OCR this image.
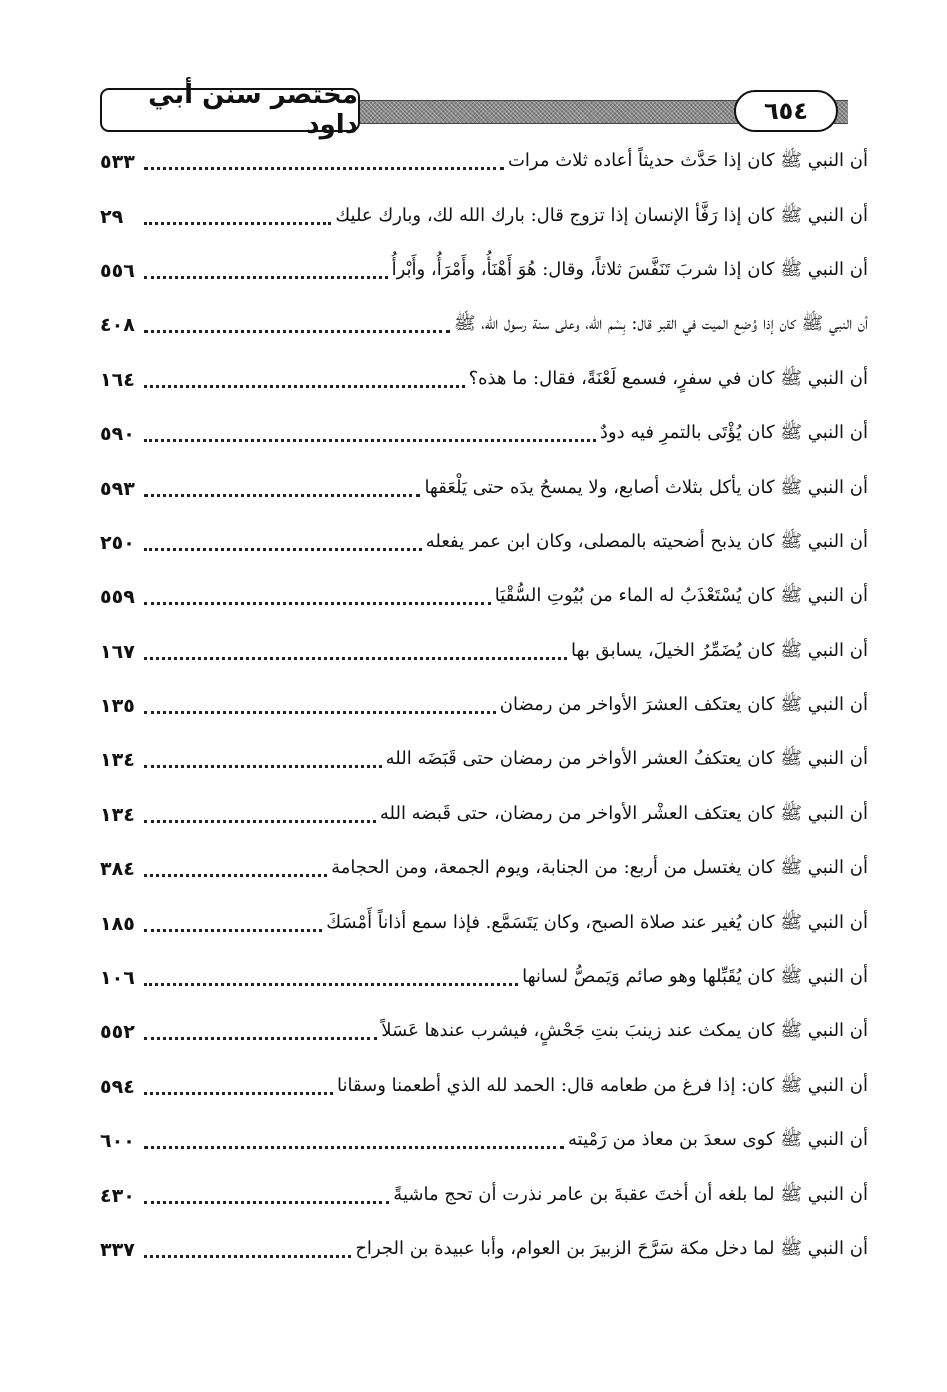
مختصر سنن أبي داود	٦٥٤
أن النبي ﷺ كان إذا حَدَّث حديثاً أعاده ثلاث مرات
٥٣٣
أن النبي ﷺ كان إذا رَفَّأ الإنسان إذا تزوج قال: بارك الله لك، وبارك عليك
٢٩
أن النبي ﷺ كان إذا شربَ تَنَفَّسَ ثلاثاً، وقال: هُوَ أَهْنَأُ، وأَمْرَأُ، وأَبْرأُ
٥٥٦
أن النبي ﷺ كان إذا وُضِع الميت في القبر قال: بِسْم الله، وعلى سنة رسول الله، ﷺ
٤٠٨
أن النبي ﷺ كان في سفرٍ، فسمع لَعْنَةً، فقال: ما هذه؟
١٦٤
أن النبي ﷺ كان يُؤْتَى بالتمرِ فيه دودٌ
٥٩٠
أن النبي ﷺ كان يأكل بثلاث أصابع، ولا يمسحُ يدَه حتى يَلْعَقها
٥٩٣
أن النبي ﷺ كان يذبح أضحيته بالمصلى، وكان ابن عمر يفعله
٢٥٠
أن النبي ﷺ كان يُسْتَعْذَبُ له الماء من بُيُوتِ السُّقْيَا
٥٥٩
أن النبي ﷺ كان يُضَمِّرُ الخيلَ، يسابق بها
١٦٧
أن النبي ﷺ كان يعتكف العشرَ الأواخر من رمضان
١٣٥
أن النبي ﷺ كان يعتكفُ العشر الأواخر من رمضان حتى قَبَضَه الله
١٣٤
أن النبي ﷺ كان يعتكف العشْر الأواخر من رمضان، حتى قَبضه الله
١٣٤
أن النبي ﷺ كان يغتسل من أربع: من الجنابة، ويوم الجمعة، ومن الحجامة
٣٨٤
أن النبي ﷺ كان يُغير عند صلاة الصبح، وكان يَتَسَمَّع. فإذا سمع أذاناً أَمْسَكَ
١٨٥
أن النبي ﷺ كان يُقَبِّلها وهو صائم وَيَمصُّ لسانها
١٠٦
أن النبي ﷺ كان يمكث عند زينبَ بنتِ جَحْشٍ، فيشرب عندها عَسَلاً
٥٥٢
أن النبي ﷺ كان: إذا فرغ من طعامه قال: الحمد لله الذي أطعمنا وسقانا
٥٩٤
أن النبي ﷺ كوى سعدَ بن معاذ من رَمْيته
٦٠٠
أن النبي ﷺ لما بلغه أن أختَ عقبةَ بن عامر نذرت أن تحج ماشيةً
٤٣٠
أن النبي ﷺ لما دخل مكة سَرَّحَ الزبيرَ بن العوام، وأبا عبيدة بن الجراح
٣٣٧
